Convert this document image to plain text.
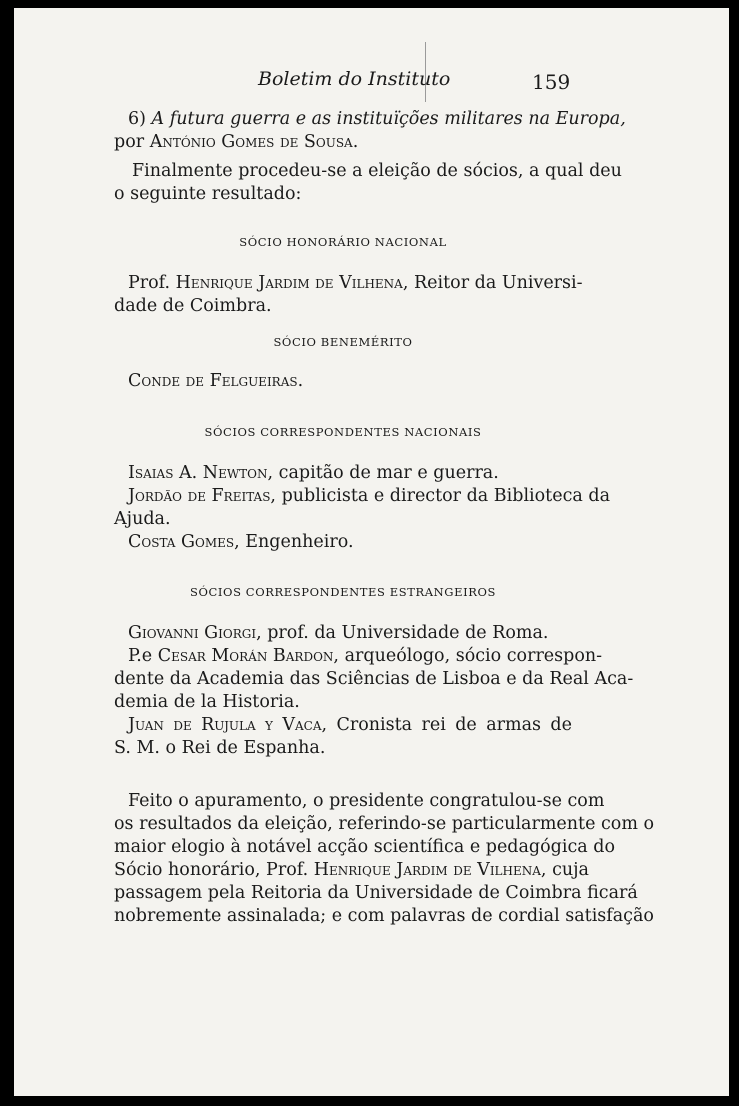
Boletim do Instituto	159
6) A futura guerra e as instituïções militares na Europa,
por António Gomes de Sousa.
Finalmente procedeu-se a eleição de sócios, a qual deu
o seguinte resultado:
SÓCIO HONORÁRIO NACIONAL
Prof. Henrique Jardim de Vilhena, Reitor da Universi-
dade de Coimbra.
SÓCIO BENEMÉRITO
Conde de Felgueiras.
SÓCIOS CORRESPONDENTES NACIONAIS
Isaias A. Newton, capitão de mar e guerra.
Jordão de Freitas, publicista e director da Biblioteca da
Ajuda.
Costa Gomes, Engenheiro.
SÓCIOS CORRESPONDENTES ESTRANGEIROS
Giovanni Giorgi, prof. da Universidade de Roma.
P.e Cesar Morán Bardon, arqueólogo, sócio correspon-
dente da Academia das Sciências de Lisboa e da Real Aca-
demia de la Historia.
Juan de Rujula y Vaca, Cronista rei de armas de
S. M. o Rei de Espanha.
Feito o apuramento, o presidente congratulou-se com
os resultados da eleição, referindo-se particularmente com o
maior elogio à notável acção scientífica e pedagógica do
Sócio honorário, Prof. Henrique Jardim de Vilhena, cuja
passagem pela Reitoria da Universidade de Coimbra ficará
nobremente assinalada; e com palavras de cordial satisfação
